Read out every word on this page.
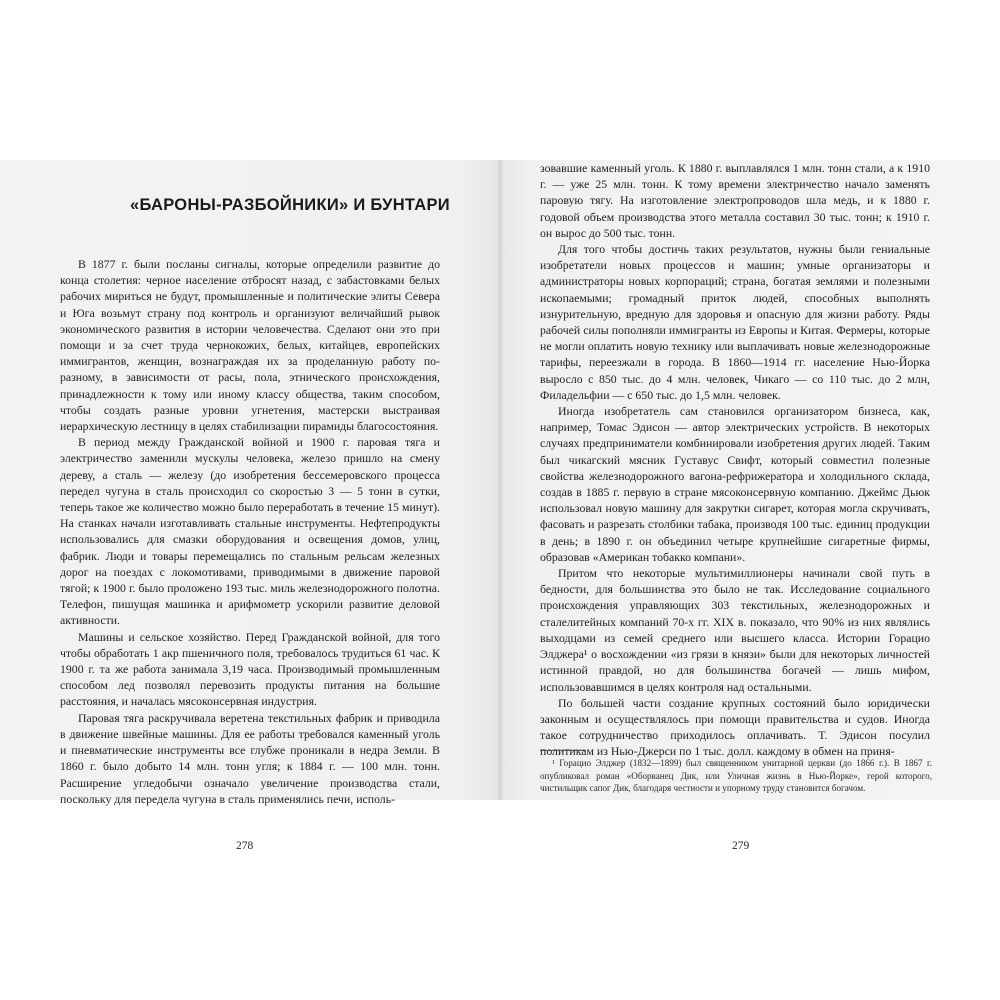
«БАРОНЫ-РАЗБОЙНИКИ» И БУНТАРИ

В 1877 г. были посланы сигналы, которые определили развитие до конца столетия: черное население отбросят назад, с забастовками белых рабочих мириться не будут, промышленные и политические элиты Севера и Юга возьмут страну под контроль и организуют величайший рывок экономического развития в истории человечества. Сделают они это при помощи и за счет труда чернокожих, белых, китайцев, европейских иммигрантов, женщин, вознаграждая их за проделанную работу по-разному, в зависимости от расы, пола, этнического происхождения, принадлежности к тому или иному классу общества, таким способом, чтобы создать разные уровни угнетения, мастерски выстраивая иерархическую лестницу в целях стабилизации пирамиды благосостояния.

В период между Гражданской войной и 1900 г. паровая тяга и электричество заменили мускулы человека, железо пришло на смену дереву, а сталь — железу (до изобретения бессемеровского процесса передел чугуна в сталь происходил со скоростью 3 — 5 тонн в сутки, теперь такое же количество можно было переработать в течение 15 минут). На станках начали изготавливать стальные инструменты. Нефтепродукты использовались для смазки оборудования и освещения домов, улиц, фабрик. Люди и товары перемещались по стальным рельсам железных дорог на поездах с локомотивами, приводимыми в движение паровой тягой; к 1900 г. было проложено 193 тыс. миль железнодорожного полотна. Телефон, пишущая машинка и арифмометр ускорили развитие деловой активности.

Машины и сельское хозяйство. Перед Гражданской войной, для того чтобы обработать 1 акр пшеничного поля, требовалось трудиться 61 час. К 1900 г. та же работа занимала 3,19 часа. Производимый промышленным способом лед позволял перевозить продукты питания на большие расстояния, и началась мясоконсервная индустрия.

Паровая тяга раскручивала веретена текстильных фабрик и приводила в движение швейные машины. Для ее работы требовался каменный уголь и пневматические инструменты все глубже проникали в недра Земли. В 1860 г. было добыто 14 млн. тонн угля; к 1884 г. — 100 млн. тонн. Расширение угледобычи означало увеличение производства стали, поскольку для передела чугуна в сталь применялись печи, исполь-

зовавшие каменный уголь. К 1880 г. выплавлялся 1 млн. тонн стали, а к 1910 г. — уже 25 млн. тонн. К тому времени электричество начало заменять паровую тягу. На изготовление электропроводов шла медь, и к 1880 г. годовой объем производства этого металла составил 30 тыс. тонн; к 1910 г. он вырос до 500 тыс. тонн.

Для того чтобы достичь таких результатов, нужны были гениальные изобретатели новых процессов и машин; умные организаторы и администраторы новых корпораций; страна, богатая землями и полезными ископаемыми; громадный приток людей, способных выполнять изнурительную, вредную для здоровья и опасную для жизни работу. Ряды рабочей силы пополняли иммигранты из Европы и Китая. Фермеры, которые не могли оплатить новую технику или выплачивать новые железнодорожные тарифы, переезжали в города. В 1860—1914 гг. население Нью-Йорка выросло с 850 тыс. до 4 млн. человек, Чикаго — со 110 тыс. до 2 млн, Филадельфии — с 650 тыс. до 1,5 млн. человек.

Иногда изобретатель сам становился организатором бизнеса, как, например, Томас Эдисон — автор электрических устройств. В некоторых случаях предприниматели комбинировали изобретения других людей. Таким был чикагский мясник Густавус Свифт, который совместил полезные свойства железнодорожного вагона-рефрижератора и холодильного склада, создав в 1885 г. первую в стране мясоконсервную компанию. Джеймс Дьюк использовал новую машину для закрутки сигарет, которая могла скручивать, фасовать и разрезать столбики табака, производя 100 тыс. единиц продукции в день; в 1890 г. он объединил четыре крупнейшие сигаретные фирмы, образовав «Американ тобакко компани».

Притом что некоторые мультимиллионеры начинали свой путь в бедности, для большинства это было не так. Исследование социального происхождения управляющих 303 текстильных, железнодорожных и сталелитейных компаний 70-х гг. XIX в. показало, что 90% из них являлись выходцами из семей среднего или высшего класса. Истории Горацио Элджера¹ о восхождении «из грязи в князи» были для некоторых личностей истинной правдой, но для большинства богачей — лишь мифом, использовавшимся в целях контроля над остальными.

По большей части создание крупных состояний было юридически законным и осуществлялось при помощи правительства и судов. Иногда такое сотрудничество приходилось оплачивать. Т. Эдисон посулил политикам из Нью-Джерси по 1 тыс. долл. каждому в обмен на приня-

¹ Горацио Элджер (1832—1899) был священником унитарной церкви (до 1866 г.). В 1867 г. опубликовал роман «Оборванец Дик, или Уличная жизнь в Нью-Йорке», герой которого, чистильщик сапог Дик, благодаря честности и упорному труду становится богачом.

278	279
